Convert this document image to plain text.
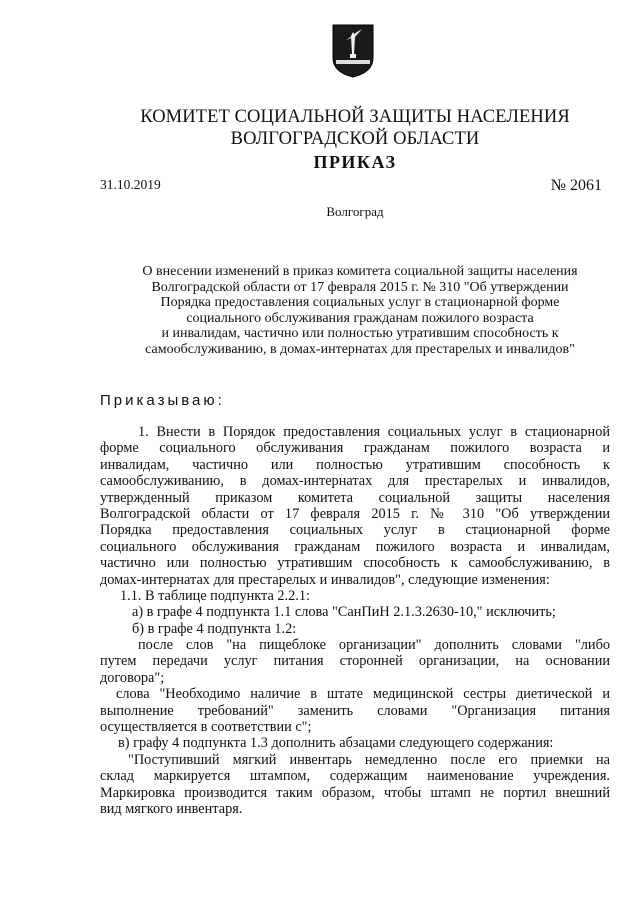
КОМИТЕТ СОЦИАЛЬНОЙ ЗАЩИТЫ НАСЕЛЕНИЯ
ВОЛГОГРАДСКОЙ ОБЛАСТИ
ПРИКАЗ
31.10.2019	№ 2061
Волгоград
О внесении изменений в приказ комитета социальной защиты населения
Волгоградской области от 17 февраля 2015 г. № 310 "Об утверждении
Порядка предоставления социальных услуг в стационарной форме
социального обслуживания гражданам пожилого возраста
и инвалидам, частично или полностью утратившим способность к
самообслуживанию, в домах-интернатах для престарелых и инвалидов"
Приказываю:
1. Внести в Порядок предоставления социальных услуг в стационарной
форме социального обслуживания гражданам пожилого возраста и
инвалидам, частично или полностью утратившим способность к
самообслуживанию, в домах-интернатах для престарелых и инвалидов,
утвержденный приказом комитета социальной защиты населения
Волгоградской области от 17 февраля 2015 г. № 310 "Об утверждении
Порядка предоставления социальных услуг в стационарной форме
социального обслуживания гражданам пожилого возраста и инвалидам,
частично или полностью утратившим способность к самообслуживанию, в
домах-интернатах для престарелых и инвалидов", следующие изменения:
1.1. В таблице подпункта 2.2.1:
а) в графе 4 подпункта 1.1 слова "СанПиН 2.1.3.2630-10," исключить;
б) в графе 4 подпункта 1.2:
после слов "на пищеблоке организации" дополнить словами "либо
путем передачи услуг питания сторонней организации, на основании
договора";
слова "Необходимо наличие в штате медицинской сестры диетической и
выполнение требований" заменить словами "Организация питания
осуществляется в соответствии с";
в) графу 4 подпункта 1.3 дополнить абзацами следующего содержания:
"Поступивший мягкий инвентарь немедленно после его приемки на
склад маркируется штампом, содержащим наименование учреждения.
Маркировка производится таким образом, чтобы штамп не портил внешний
вид мягкого инвентаря.
